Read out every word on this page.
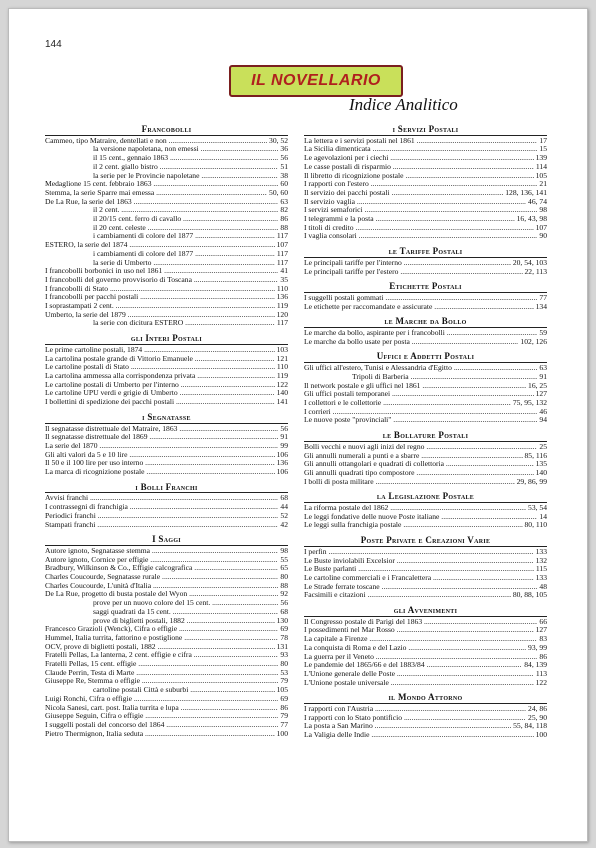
144
IL NOVELLARIO
Indice Analitico
Francobolli
Cammeo, tipo Matraire, dentellati e non .....	30, 52
la versione napoletana, non emessi .....	36
il 15 cent., gennaio 1863 .....	56
il 2 cent. giallo bistro .....	51
la serie per le Provincie napoletane .....	38
Medaglione 15 cent. febbraio 1863 .....	60
Stemma, la serie Sparre mai emessa .....	50, 60
De La Rue, la serie del 1863 .....	63
il 2 cent. .....	82
il 20/15 cent. ferro di cavallo .....	86
il 20 cent. celeste .....	88
i cambiamenti di colore del 1877 .....	117
ESTERO, la serie del 1874 .....	107
i cambiamenti di colore del 1877 .....	117
la serie di Umberto .....	117
I francobolli borbonici in uso nel 1861 .....	41
I francobolli del governo provvisorio di Toscana .....	35
I francobolli di Stato .....	110
I francobolli per pacchi postali .....	136
I soprastampati 2 cent. .....	119
Umberto, la serie del 1879 .....	120
la serie con dicitura ESTERO .....	117
gli Interi Postali
Le prime cartoline postali, 1874 .....	103
La cartolina postale grande di Vittorio Emanuele .....	121
Le cartoline postali di Stato .....	110
La cartolina ammessa alla corrispondenza privata .....	119
Le cartoline postali di Umberto per l'interno .....	122
Le cartoline UPU verdi e grigie di Umberto .....	140
I bollettini di spedizione dei pacchi postali .....	141
i Segnatasse
Il segnatasse distrettuale del Matraire, 1863 .....	56
Il segnatasse distrettuale del 1869 .....	91
La serie del 1870 .....	99
Gli alti valori da 5 e 10 lire .....	106
Il 50 e il 100 lire per uso interno .....	136
La marca di ricognizione postale .....	106
i Bolli Franchi
Avvisi franchi .....	68
I contrassegni di franchigia .....	44
Periodici franchi .....	52
Stampati franchi .....	42
I Saggi
Autore ignoto, Segnatasse stemma .....	98
Autore ignoto, Cornice per effigie .....	55
Bradbury, Wilkinson & Co., Effigie calcografica .....	65
Charles Coucourde, Segnatasse rurale .....	80
Charles Coucourde, L'unità d'Italia .....	88
De La Rue, progetto di busta postale del Wyon .....	92
prove per un nuovo colore del 15 cent. .....	56
saggi quadrati da 15 cent. .....	68
prove di biglietti postali, 1882 .....	130
Francesco Grazioli (Wenck), Cifra o effigie .....	69
Hummel, Italia turrita, fattorino e postiglione .....	78
OCV, prove di biglietti postali, 1882 .....	131
Fratelli Pellas, La lanterna, 2 cent. effigie e cifra .....	93
Fratelli Pellas, 15 cent. effigie .....	80
Claude Perrin, Testa di Marte .....	53
Giuseppe Re, Stemma o effigie .....	79
cartoline postali Città e suburbi .....	105
Luigi Ronchi, Cifra o effigie .....	69
Nicola Sanesi, cart. post. Italia turrita e lupa .....	86
Giuseppe Seguin, Cifra o effigie .....	79
I suggelli postali del concorso del 1864 .....	77
Pietro Thermignon, Italia seduta .....	100
i Servizi Postali
La lettera e i servizi postali nel 1861 .....	17
La Sicilia dimenticata .....	15
Le agevolazioni per i ciechi .....	139
Le casse postali di risparmio .....	114
Il libretto di ricognizione postale .....	105
I rapporti con l'estero .....	21
Il servizio dei pacchi postali .....	128, 136, 141
Il servizio vaglia .....	46, 74
I servizi semaforici .....	98
I telegrammi e la posta .....	16, 43, 98
I titoli di credito .....	107
I vaglia consolari .....	90
le Tariffe Postali
Le principali tariffe per l'interno .....	20, 54, 103
Le principali tariffe per l'estero .....	22, 113
Etichette Postali
I suggelli postali gommati .....	77
Le etichette per raccomandate e assicurate .....	134
le Marche da Bollo
Le marche da bollo, aspirante per i francobolli .....	59
Le marche da bollo usate per posta .....	102, 126
Uffici e Addetti Postali
Gli uffici all'estero, Tunisi e Alessandria d'Egitto .....	63
Tripoli di Barberia .....	91
Il network postale e gli uffici nel 1861 .....	16, 25
Gli uffici postali temporanei .....	127
I collettori e le collettorie .....	75, 95, 132
I corrieri .....	46
Le nuove poste "provinciali" .....	94
le Bollature Postali
Bolli vecchi e nuovi agli inizi del regno .....	25
Gli annulli numerali a punti e a sbarre .....	85, 116
Gli annulli ottangolari e quadrati di collettoria .....	135
Gli annulli quadrati tipo compostore .....	140
I bolli di posta militare .....	29, 86, 99
la Legislazione Postale
La riforma postale del 1862 .....	53, 54
Le leggi fondative delle nuove Poste italiane .....	14
Le leggi sulla franchigia postale .....	80, 110
Poste Private e Creazioni Varie
I perfin .....	133
Le Buste inviolabili Excelsior .....	132
Le Buste parlanti .....	115
Le cartoline commerciali e i Francalettera .....	133
Le Strade ferrate toscane .....	48
Facsimili e citazioni .....	80, 88, 105
gli Avvenimenti
Il Congresso postale di Parigi del 1863 .....	66
I possedimenti nel Mar Rosso .....	127
La capitale a Firenze .....	83
La conquista di Roma e del Lazio .....	93, 99
La guerra per il Veneto .....	86
Le pandemie del 1865/66 e del 1883/84 .....	84, 139
L'Unione generale delle Poste .....	113
L'Unione postale universale .....	122
il Mondo Attorno
I rapporti con l'Austria .....	24, 86
I rapporti con lo Stato pontificio .....	25, 90
La posta a San Marino .....	55, 84, 118
La Valigia delle Indie .....	100
